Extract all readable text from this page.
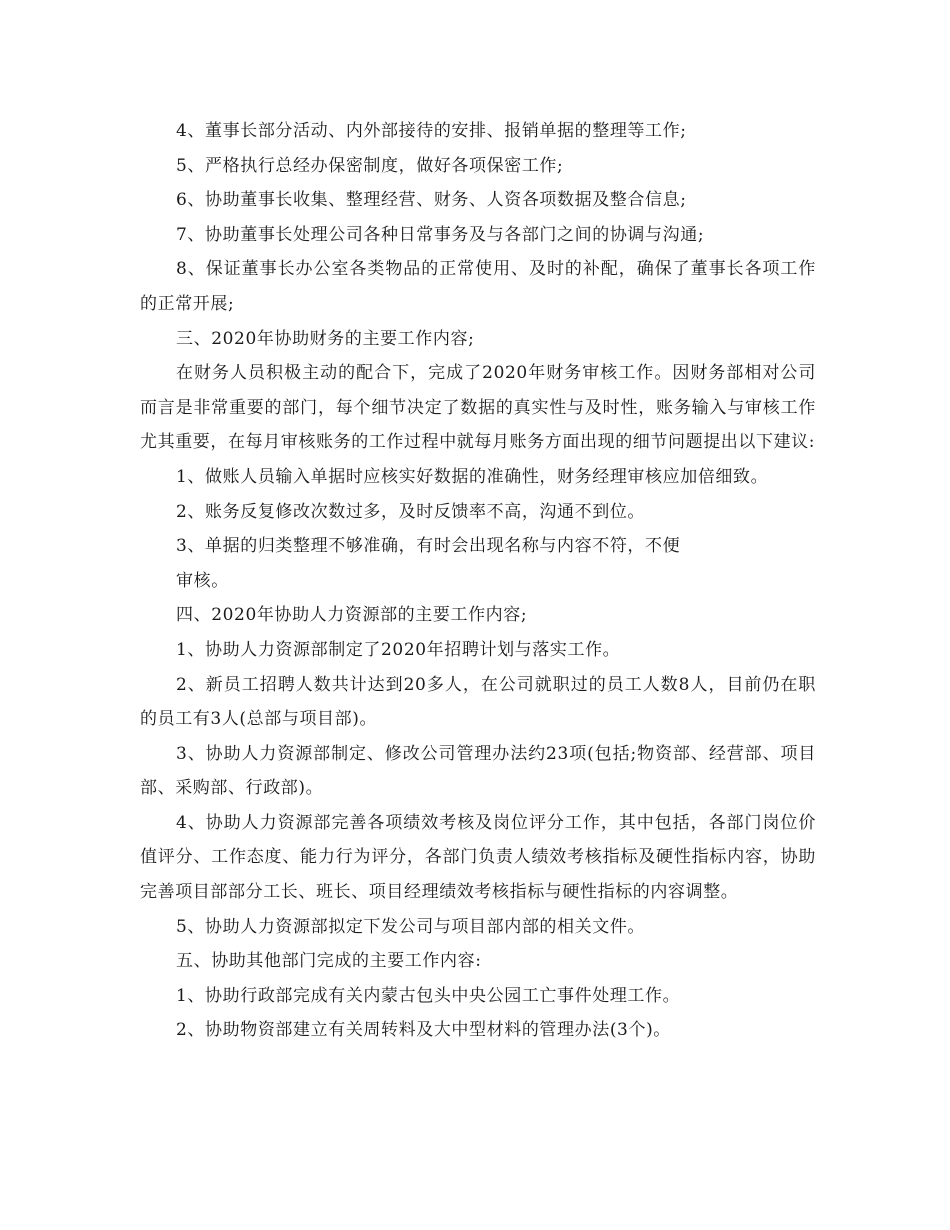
4、董事长部分活动、内外部接待的安排、报销单据的整理等工作;

5、严格执行总经办保密制度，做好各项保密工作;

6、协助董事长收集、整理经营、财务、人资各项数据及整合信息;

7、协助董事长处理公司各种日常事务及与各部门之间的协调与沟通;

8、保证董事长办公室各类物品的正常使用、及时的补配，确保了董事长各项工作的正常开展;

三、2020年协助财务的主要工作内容;

在财务人员积极主动的配合下，完成了2020年财务审核工作。因财务部相对公司而言是非常重要的部门，每个细节决定了数据的真实性与及时性，账务输入与审核工作尤其重要，在每月审核账务的工作过程中就每月账务方面出现的细节问题提出以下建议:

1、做账人员输入单据时应核实好数据的准确性，财务经理审核应加倍细致。

2、账务反复修改次数过多，及时反馈率不高，沟通不到位。

3、单据的归类整理不够准确，有时会出现名称与内容不符，不便

审核。

四、2020年协助人力资源部的主要工作内容;

1、协助人力资源部制定了2020年招聘计划与落实工作。

2、新员工招聘人数共计达到20多人，在公司就职过的员工人数8人，目前仍在职的员工有3人(总部与项目部)。

3、协助人力资源部制定、修改公司管理办法约23项(包括;物资部、经营部、项目部、采购部、行政部)。

4、协助人力资源部完善各项绩效考核及岗位评分工作，其中包括，各部门岗位价值评分、工作态度、能力行为评分，各部门负责人绩效考核指标及硬性指标内容，协助完善项目部部分工长、班长、项目经理绩效考核指标与硬性指标的内容调整。

5、协助人力资源部拟定下发公司与项目部内部的相关文件。

五、协助其他部门完成的主要工作内容:

1、协助行政部完成有关内蒙古包头中央公园工亡事件处理工作。

2、协助物资部建立有关周转料及大中型材料的管理办法(3个)。
